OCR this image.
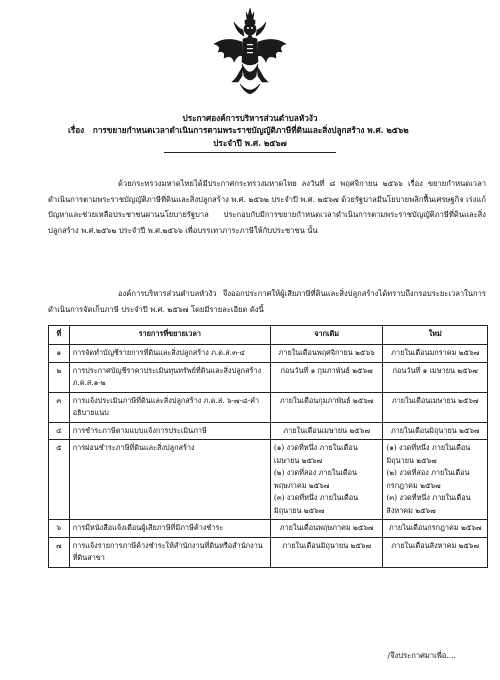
ประกาศองค์การบริหารส่วนตำบลหัวงัว
เรื่อง การขยายกำหนดเวลาดำเนินการตามพระราชบัญญัติภาษีที่ดินและสิ่งปลูกสร้าง พ.ศ. ๒๕๖๒
ประจำปี พ.ศ. ๒๕๖๗
ด้วยกระทรวงมหาดไทยได้มีประกาศกระทรวงมหาดไทย ลงวันที่ ๘ พฤศจิกายน ๒๕๖๖ เรื่อง ขยายกำหนดเวลาดำเนินการตามพระราชบัญญัติภาษีที่ดินและสิ่งปลูกสร้าง พ.ศ. ๒๕๖๒ ประจำปี พ.ศ. ๒๕๖๗ ด้วยรัฐบาลมีนโยบายพลิกฟื้นเศรษฐกิจ เร่งแก้ปัญหาและช่วยเหลือประชาชนผ่านนโยบายรัฐบาล ประกอบกับมีการขยายกำหนดเวลาดำเนินการตามพระราชบัญญัติภาษีที่ดินและสิ่งปลูกสร้าง พ.ศ.๒๕๖๒ ประจำปี พ.ศ.๒๕๖๖ เพื่อบรรเทาภาระภาษีให้กับประชาชน นั้น
องค์การบริหารส่วนตำบลหัวงัว จึงออกประกาศให้ผู้เสียภาษีที่ดินและสิ่งปลูกสร้างได้ทราบถึงกรอบระยะเวลาในการดำเนินการจัดเก็บภาษี ประจำปี พ.ศ. ๒๕๖๗ โดยมีรายละเอียด ดังนี้
ที่	รายการที่ขยายเวลา	จากเดิม	ใหม่
๑	การจัดทำบัญชีรายการที่ดินและสิ่งปลูกสร้าง ภ.ด.ส.๓-๔	ภายในเดือนพฤศจิกายน ๒๕๖๖	ภายในเดือนมกราคม ๒๕๖๗
๒	การประกาศบัญชีราคาประเมินทุนทรัพย์ที่ดินและสิ่งปลูกสร้าง ภ.ด.ส.๑-๒	ก่อนวันที่ ๑ กุมภาพันธ์ ๒๕๖๗	ก่อนวันที่ ๑ เมษายน ๒๕๖๗
๓	การแจ้งประเมินภาษีที่ดินและสิ่งปลูกสร้าง ภ.ด.ส. ๖-๗-๘-คำอธิบายแนบ	ภายในเดือนกุมภาพันธ์ ๒๕๖๗	ภายในเดือนเมษายน ๒๕๖๗
๔	การชำระภาษีตามแบบแจ้งการประเมินภาษี	ภายในเดือนเมษายน ๒๕๖๗	ภายในเดือนมิถุนายน ๒๕๖๗
๕	การผ่อนชำระภาษีที่ดินและสิ่งปลูกสร้าง	(๑) งวดที่หนึ่ง ภายในเดือนเมษายน ๒๕๖๗
(๒) งวดที่สอง ภายในเดือนพฤษภาคม ๒๕๖๗
(๓) งวดที่หนึ่ง ภายในเดือนมิถุนายน ๒๕๖๗	(๑) งวดที่หนึ่ง ภายในเดือนมิถุนายน ๒๕๖๗
(๒) งวดที่สอง ภายในเดือนกรกฎาคม ๒๕๖๗
(๓) งวดที่หนึ่ง ภายในเดือนสิงหาคม ๒๕๖๗
๖	การมีหนังสือแจ้งเตือนผู้เสียภาษีที่มีภาษีค้างชำระ	ภายในเดือนพฤษภาคม ๒๕๖๗	ภายในเดือนกรกฎาคม ๒๕๖๗
๗	การแจ้งรายการภาษีค้างชำระให้สำนักงานที่ดินหรือสำนักงานที่ดินสาขา	ภายในเดือนมิถุนายน ๒๕๖๗	ภายในเดือนสิงหาคม ๒๕๖๗
/จึงประกาศมาเพื่อ....
